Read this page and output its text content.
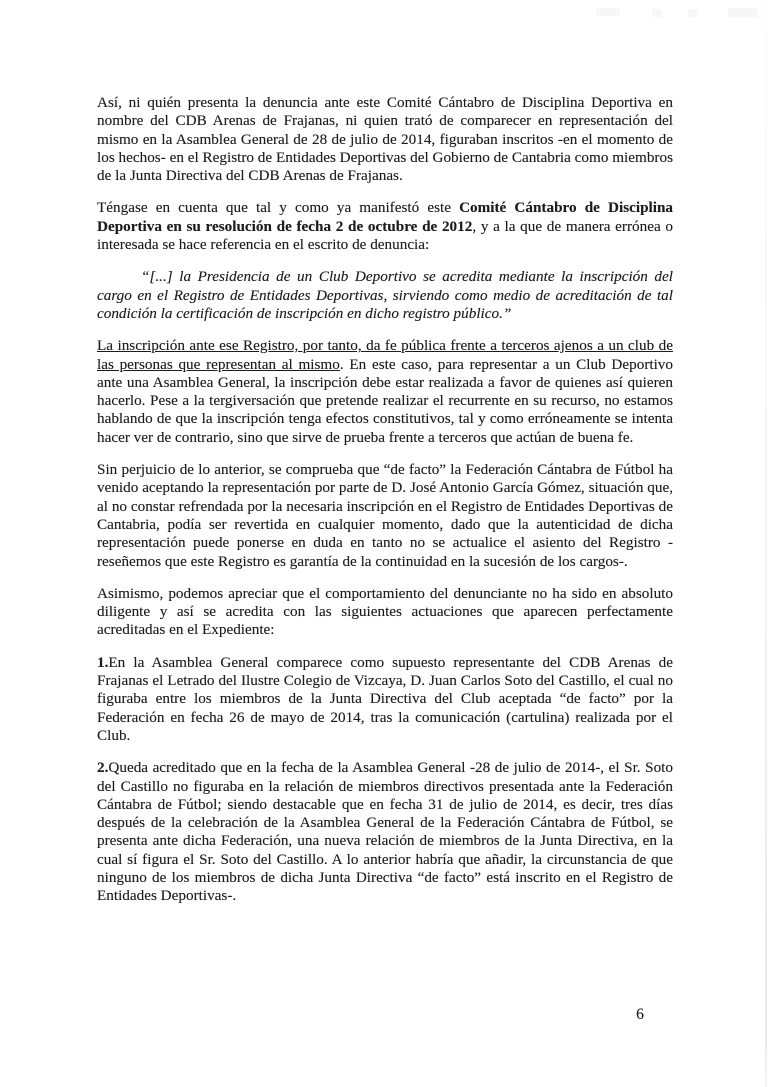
Así, ni quién presenta la denuncia ante este Comité Cántabro de Disciplina Deportiva en nombre del CDB Arenas de Frajanas, ni quien trató de comparecer en representación del mismo en la Asamblea General de 28 de julio de 2014, figuraban inscritos -en el momento de los hechos- en el Registro de Entidades Deportivas del Gobierno de Cantabria como miembros de la Junta Directiva del CDB Arenas de Frajanas.

Téngase en cuenta que tal y como ya manifestó este Comité Cántabro de Disciplina Deportiva en su resolución de fecha 2 de octubre de 2012, y a la que de manera errónea o interesada se hace referencia en el escrito de denuncia:

“[...] la Presidencia de un Club Deportivo se acredita mediante la inscripción del cargo en el Registro de Entidades Deportivas, sirviendo como medio de acreditación de tal condición la certificación de inscripción en dicho registro público.”

La inscripción ante ese Registro, por tanto, da fe pública frente a terceros ajenos a un club de las personas que representan al mismo. En este caso, para representar a un Club Deportivo ante una Asamblea General, la inscripción debe estar realizada a favor de quienes así quieren hacerlo. Pese a la tergiversación que pretende realizar el recurrente en su recurso, no estamos hablando de que la inscripción tenga efectos constitutivos, tal y como erróneamente se intenta hacer ver de contrario, sino que sirve de prueba frente a terceros que actúan de buena fe.

Sin perjuicio de lo anterior, se comprueba que “de facto” la Federación Cántabra de Fútbol ha venido aceptando la representación por parte de D. José Antonio García Gómez, situación que, al no constar refrendada por la necesaria inscripción en el Registro de Entidades Deportivas de Cantabria, podía ser revertida en cualquier momento, dado que la autenticidad de dicha representación puede ponerse en duda en tanto no se actualice el asiento del Registro -reseñemos que este Registro es garantía de la continuidad en la sucesión de los cargos-.

Asimismo, podemos apreciar que el comportamiento del denunciante no ha sido en absoluto diligente y así se acredita con las siguientes actuaciones que aparecen perfectamente acreditadas en el Expediente:

1.En la Asamblea General comparece como supuesto representante del CDB Arenas de Frajanas el Letrado del Ilustre Colegio de Vizcaya, D. Juan Carlos Soto del Castillo, el cual no figuraba entre los miembros de la Junta Directiva del Club aceptada “de facto” por la Federación en fecha 26 de mayo de 2014, tras la comunicación (cartulina) realizada por el Club.

2.Queda acreditado que en la fecha de la Asamblea General -28 de julio de 2014-, el Sr. Soto del Castillo no figuraba en la relación de miembros directivos presentada ante la Federación Cántabra de Fútbol; siendo destacable que en fecha 31 de julio de 2014, es decir, tres días después de la celebración de la Asamblea General de la Federación Cántabra de Fútbol, se presenta ante dicha Federación, una nueva relación de miembros de la Junta Directiva, en la cual sí figura el Sr. Soto del Castillo. A lo anterior habría que añadir, la circunstancia de que ninguno de los miembros de dicha Junta Directiva “de facto” está inscrito en el Registro de Entidades Deportivas-.

6
